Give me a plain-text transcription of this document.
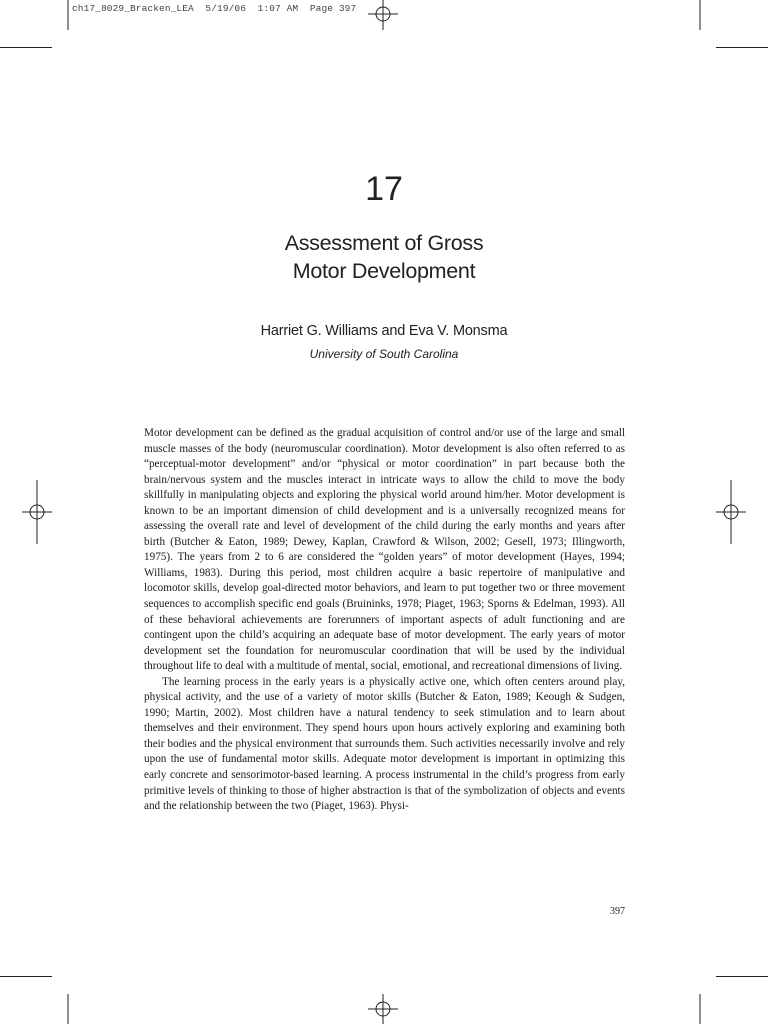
ch17_8029_Bracken_LEA  5/19/06  1:07 AM  Page 397
17
Assessment of Gross
Motor Development
Harriet G. Williams and Eva V. Monsma
University of South Carolina

Motor development can be defined as the gradual acquisition of control and/or use of the large and small muscle masses of the body (neuromuscular coordination). Motor development is also often referred to as “perceptual-motor development” and/or “physical or motor coordination” in part because both the brain/nervous system and the muscles interact in intricate ways to allow the child to move the body skillfully in manipulating objects and exploring the physical world around him/her. Motor development is known to be an important dimension of child development and is a universally recognized means for assessing the overall rate and level of development of the child during the early months and years after birth (Butcher & Eaton, 1989; Dewey, Kaplan, Crawford & Wilson, 2002; Gesell, 1973; Illingworth, 1975). The years from 2 to 6 are considered the “golden years” of motor development (Hayes, 1994; Williams, 1983). During this period, most children acquire a basic repertoire of manipulative and locomotor skills, develop goal-directed motor behaviors, and learn to put together two or three movement sequences to accomplish specific end goals (Bruininks, 1978; Piaget, 1963; Sporns & Edelman, 1993). All of these behavioral achievements are forerunners of important aspects of adult functioning and are contingent upon the child’s acquiring an adequate base of motor development. The early years of motor development set the foundation for neuromuscular coordination that will be used by the individual throughout life to deal with a multitude of mental, social, emotional, and recreational dimensions of living.

The learning process in the early years is a physically active one, which often centers around play, physical activity, and the use of a variety of motor skills (Butcher & Eaton, 1989; Keough & Sudgen, 1990; Martin, 2002). Most children have a natural tendency to seek stimulation and to learn about themselves and their environment. They spend hours upon hours actively exploring and examining both their bodies and the physical environment that surrounds them. Such activities necessarily involve and rely upon the use of fundamental motor skills. Adequate motor development is important in optimizing this early concrete and sensorimotor-based learning. A process instrumental in the child’s progress from early primitive levels of thinking to those of higher abstraction is that of the symbolization of objects and events and the relationship between the two (Piaget, 1963). Physi-

397
